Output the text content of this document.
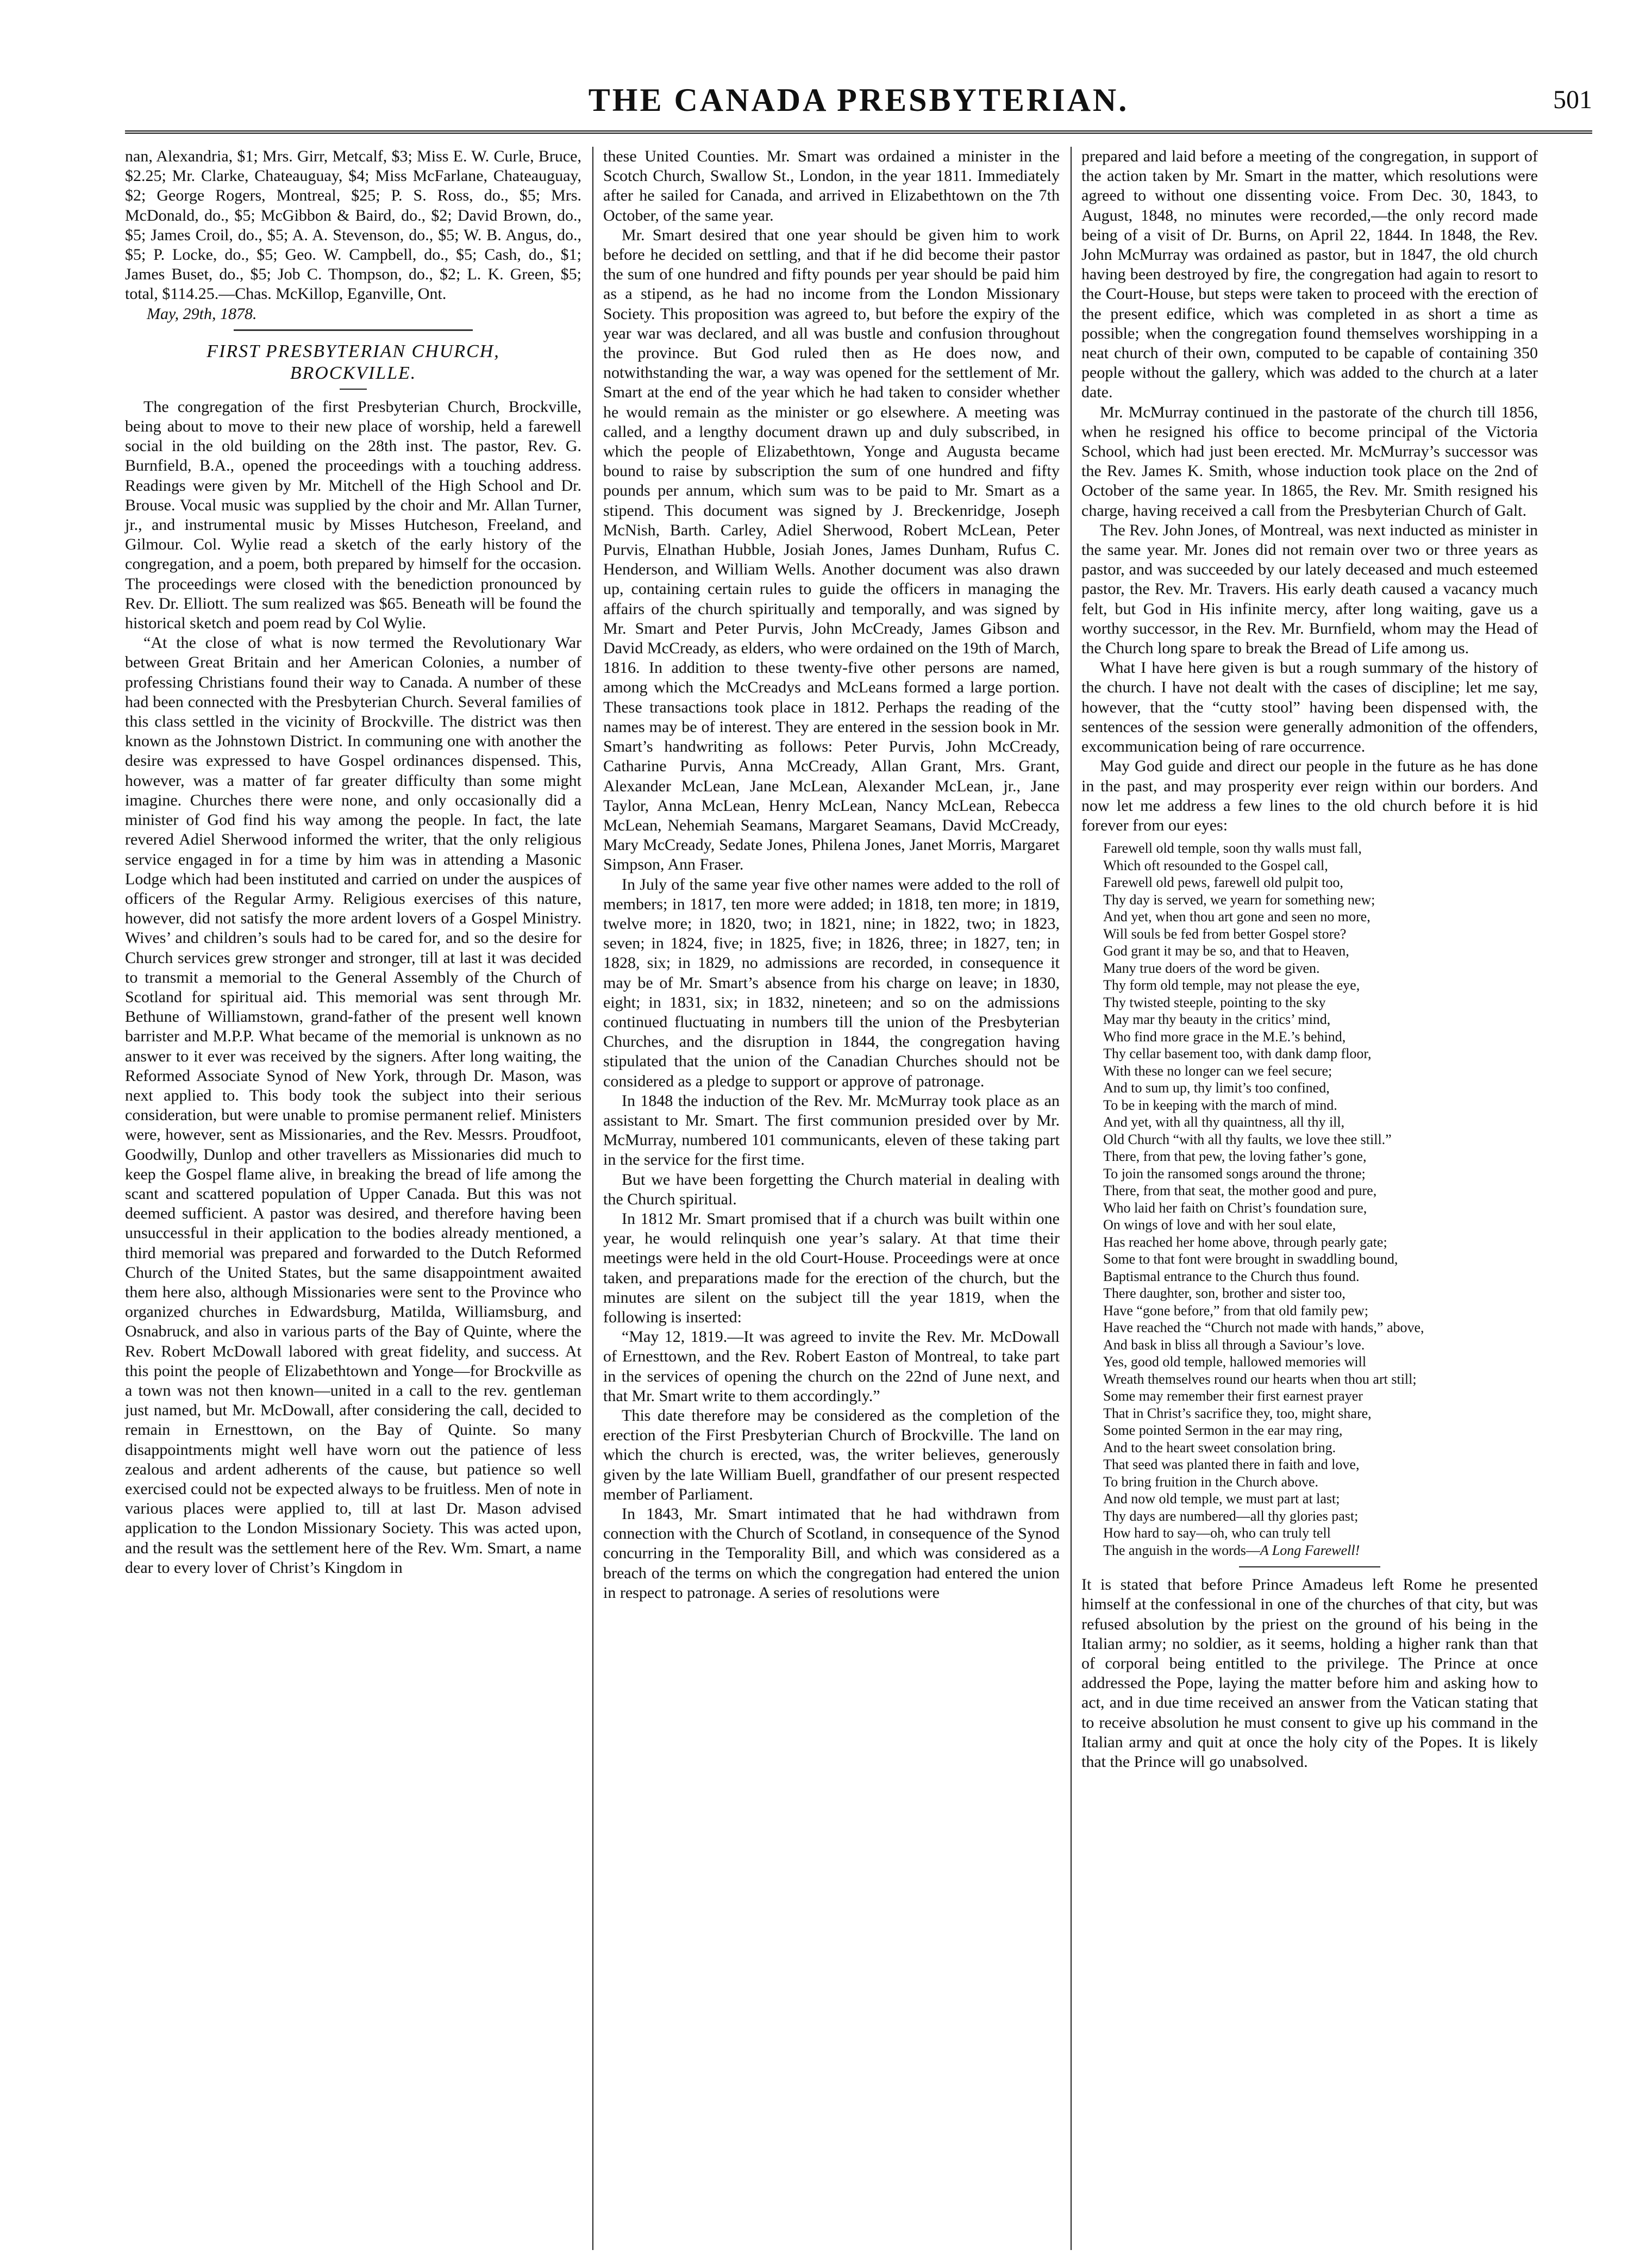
THE CANADA PRESBYTERIAN.	501

nan, Alexandria, $1; Mrs. Girr, Metcalf, $3; Miss E. W. Curle, Bruce, $2.25; Mr. Clarke, Chateauguay, $4; Miss McFarlane, Chateauguay, $2; George Rogers, Montreal, $25; P. S. Ross, do., $5; Mrs. McDonald, do., $5; McGibbon & Baird, do., $2; David Brown, do., $5; James Croil, do., $5; A. A. Stevenson, do., $5; W. B. Angus, do., $5; P. Locke, do., $5; Geo. W. Campbell, do., $5; Cash, do., $1; James Buset, do., $5; Job C. Thompson, do., $2; L. K. Green, $5; total, $114.25.—Chas. McKillop, Eganville, Ont.

May, 29th, 1878.
FIRST PRESBYTERIAN CHURCH,
BROCKVILLE.

The congregation of the first Presbyterian Church, Brockville, being about to move to their new place of worship, held a farewell social in the old building on the 28th inst. The pastor, Rev. G. Burnfield, B.A., opened the proceedings with a touching address. Readings were given by Mr. Mitchell of the High School and Dr. Brouse. Vocal music was supplied by the choir and Mr. Allan Turner, jr., and instrumental music by Misses Hutcheson, Freeland, and Gilmour. Col. Wylie read a sketch of the early history of the congregation, and a poem, both prepared by himself for the occasion. The proceedings were closed with the benediction pronounced by Rev. Dr. Elliott. The sum realized was $65. Beneath will be found the historical sketch and poem read by Col Wylie.

“At the close of what is now termed the Revolutionary War between Great Britain and her American Colonies, a number of professing Christians found their way to Canada. A number of these had been connected with the Presbyterian Church. Several families of this class settled in the vicinity of Brockville. The district was then known as the Johnstown District. In communing one with another the desire was expressed to have Gospel ordinances dispensed. This, however, was a matter of far greater difficulty than some might imagine. Churches there were none, and only occasionally did a minister of God find his way among the people. In fact, the late revered Adiel Sherwood informed the writer, that the only religious service engaged in for a time by him was in attending a Masonic Lodge which had been instituted and carried on under the auspices of officers of the Regular Army. Religious exercises of this nature, however, did not satisfy the more ardent lovers of a Gospel Ministry. Wives’ and children’s souls had to be cared for, and so the desire for Church services grew stronger and stronger, till at last it was decided to transmit a memorial to the General Assembly of the Church of Scotland for spiritual aid. This memorial was sent through Mr. Bethune of Williamstown, grand-father of the present well known barrister and M.P.P. What became of the memorial is unknown as no answer to it ever was received by the signers. After long waiting, the Reformed Associate Synod of New York, through Dr. Mason, was next applied to. This body took the subject into their serious consideration, but were unable to promise permanent relief. Ministers were, however, sent as Missionaries, and the Rev. Messrs. Proudfoot, Goodwilly, Dunlop and other travellers as Missionaries did much to keep the Gospel flame alive, in breaking the bread of life among the scant and scattered population of Upper Canada. But this was not deemed sufficient. A pastor was desired, and therefore having been unsuccessful in their application to the bodies already mentioned, a third memorial was prepared and forwarded to the Dutch Reformed Church of the United States, but the same disappointment awaited them here also, although Missionaries were sent to the Province who organized churches in Edwardsburg, Matilda, Williamsburg, and Osnabruck, and also in various parts of the Bay of Quinte, where the Rev. Robert McDowall labored with great fidelity, and success. At this point the people of Elizabethtown and Yonge—for Brockville as a town was not then known—united in a call to the rev. gentleman just named, but Mr. McDowall, after considering the call, decided to remain in Ernesttown, on the Bay of Quinte. So many disappointments might well have worn out the patience of less zealous and ardent adherents of the cause, but patience so well exercised could not be expected always to be fruitless. Men of note in various places were applied to, till at last Dr. Mason advised application to the London Missionary Society. This was acted upon, and the result was the settlement here of the Rev. Wm. Smart, a name dear to every lover of Christ’s Kingdom in

these United Counties. Mr. Smart was ordained a minister in the Scotch Church, Swallow St., London, in the year 1811. Immediately after he sailed for Canada, and arrived in Elizabethtown on the 7th October, of the same year.

Mr. Smart desired that one year should be given him to work before he decided on settling, and that if he did become their pastor the sum of one hundred and fifty pounds per year should be paid him as a stipend, as he had no income from the London Missionary Society. This proposition was agreed to, but before the expiry of the year war was declared, and all was bustle and confusion throughout the province. But God ruled then as He does now, and notwithstanding the war, a way was opened for the settlement of Mr. Smart at the end of the year which he had taken to consider whether he would remain as the minister or go elsewhere. A meeting was called, and a lengthy document drawn up and duly subscribed, in which the people of Elizabethtown, Yonge and Augusta became bound to raise by subscription the sum of one hundred and fifty pounds per annum, which sum was to be paid to Mr. Smart as a stipend. This document was signed by J. Breckenridge, Joseph McNish, Barth. Carley, Adiel Sherwood, Robert McLean, Peter Purvis, Elnathan Hubble, Josiah Jones, James Dunham, Rufus C. Henderson, and William Wells. Another document was also drawn up, containing certain rules to guide the officers in managing the affairs of the church spiritually and temporally, and was signed by Mr. Smart and Peter Purvis, John McCready, James Gibson and David McCready, as elders, who were ordained on the 19th of March, 1816. In addition to these twenty-five other persons are named, among which the McCreadys and McLeans formed a large portion. These transactions took place in 1812. Perhaps the reading of the names may be of interest. They are entered in the session book in Mr. Smart’s handwriting as follows: Peter Purvis, John McCready, Catharine Purvis, Anna McCready, Allan Grant, Mrs. Grant, Alexander McLean, Jane McLean, Alexander McLean, jr., Jane Taylor, Anna McLean, Henry McLean, Nancy McLean, Rebecca McLean, Nehemiah Seamans, Margaret Seamans, David McCready, Mary McCready, Sedate Jones, Philena Jones, Janet Morris, Margaret Simpson, Ann Fraser.

In July of the same year five other names were added to the roll of members; in 1817, ten more were added; in 1818, ten more; in 1819, twelve more; in 1820, two; in 1821, nine; in 1822, two; in 1823, seven; in 1824, five; in 1825, five; in 1826, three; in 1827, ten; in 1828, six; in 1829, no admissions are recorded, in consequence it may be of Mr. Smart’s absence from his charge on leave; in 1830, eight; in 1831, six; in 1832, nineteen; and so on the admissions continued fluctuating in numbers till the union of the Presbyterian Churches, and the disruption in 1844, the congregation having stipulated that the union of the Canadian Churches should not be considered as a pledge to support or approve of patronage.

In 1848 the induction of the Rev. Mr. McMurray took place as an assistant to Mr. Smart. The first communion presided over by Mr. McMurray, numbered 101 communicants, eleven of these taking part in the service for the first time.

But we have been forgetting the Church material in dealing with the Church spiritual.

In 1812 Mr. Smart promised that if a church was built within one year, he would relinquish one year’s salary. At that time their meetings were held in the old Court-House. Proceedings were at once taken, and preparations made for the erection of the church, but the minutes are silent on the subject till the year 1819, when the following is inserted:

“May 12, 1819.—It was agreed to invite the Rev. Mr. McDowall of Ernesttown, and the Rev. Robert Easton of Montreal, to take part in the services of opening the church on the 22nd of June next, and that Mr. Smart write to them accordingly.”

This date therefore may be considered as the completion of the erection of the First Presbyterian Church of Brockville. The land on which the church is erected, was, the writer believes, generously given by the late William Buell, grandfather of our present respected member of Parliament.

In 1843, Mr. Smart intimated that he had withdrawn from connection with the Church of Scotland, in consequence of the Synod concurring in the Temporality Bill, and which was considered as a breach of the terms on which the congregation had entered the union in respect to patronage. A series of resolutions were

prepared and laid before a meeting of the congregation, in support of the action taken by Mr. Smart in the matter, which resolutions were agreed to without one dissenting voice. From Dec. 30, 1843, to August, 1848, no minutes were recorded,—the only record made being of a visit of Dr. Burns, on April 22, 1844. In 1848, the Rev. John McMurray was ordained as pastor, but in 1847, the old church having been destroyed by fire, the congregation had again to resort to the Court-House, but steps were taken to proceed with the erection of the present edifice, which was completed in as short a time as possible; when the congregation found themselves worshipping in a neat church of their own, computed to be capable of containing 350 people without the gallery, which was added to the church at a later date.

Mr. McMurray continued in the pastorate of the church till 1856, when he resigned his office to become principal of the Victoria School, which had just been erected. Mr. McMurray’s successor was the Rev. James K. Smith, whose induction took place on the 2nd of October of the same year. In 1865, the Rev. Mr. Smith resigned his charge, having received a call from the Presbyterian Church of Galt.

The Rev. John Jones, of Montreal, was next inducted as minister in the same year. Mr. Jones did not remain over two or three years as pastor, and was succeeded by our lately deceased and much esteemed pastor, the Rev. Mr. Travers. His early death caused a vacancy much felt, but God in His infinite mercy, after long waiting, gave us a worthy successor, in the Rev. Mr. Burnfield, whom may the Head of the Church long spare to break the Bread of Life among us.

What I have here given is but a rough summary of the history of the church. I have not dealt with the cases of discipline; let me say, however, that the “cutty stool” having been dispensed with, the sentences of the session were generally admonition of the offenders, excommunication being of rare occurrence.

May God guide and direct our people in the future as he has done in the past, and may prosperity ever reign within our borders. And now let me address a few lines to the old church before it is hid forever from our eyes:

Farewell old temple, soon thy walls must fall,
Which oft resounded to the Gospel call,
Farewell old pews, farewell old pulpit too,
Thy day is served, we yearn for something new;
And yet, when thou art gone and seen no more,
Will souls be fed from better Gospel store?
God grant it may be so, and that to Heaven,
Many true doers of the word be given.
Thy form old temple, may not please the eye,
Thy twisted steeple, pointing to the sky
May mar thy beauty in the critics’ mind,
Who find more grace in the M.E.’s behind,
Thy cellar basement too, with dank damp floor,
With these no longer can we feel secure;
And to sum up, thy limit’s too confined,
To be in keeping with the march of mind.
And yet, with all thy quaintness, all thy ill,
Old Church “with all thy faults, we love thee still.”
There, from that pew, the loving father’s gone,
To join the ransomed songs around the throne;
There, from that seat, the mother good and pure,
Who laid her faith on Christ’s foundation sure,
On wings of love and with her soul elate,
Has reached her home above, through pearly gate;
Some to that font were brought in swaddling bound,
Baptismal entrance to the Church thus found.
There daughter, son, brother and sister too,
Have “gone before,” from that old family pew;
Have reached the “Church not made with hands,” above,
And bask in bliss all through a Saviour’s love.
Yes, good old temple, hallowed memories will
Wreath themselves round our hearts when thou art still;
Some may remember their first earnest prayer
That in Christ’s sacrifice they, too, might share,
Some pointed Sermon in the ear may ring,
And to the heart sweet consolation bring.
That seed was planted there in faith and love,
To bring fruition in the Church above.
And now old temple, we must part at last;
Thy days are numbered—all thy glories past;
How hard to say—oh, who can truly tell
The anguish in the words—A Long Farewell!

It is stated that before Prince Amadeus left Rome he presented himself at the confessional in one of the churches of that city, but was refused absolution by the priest on the ground of his being in the Italian army; no soldier, as it seems, holding a higher rank than that of corporal being entitled to the privilege. The Prince at once addressed the Pope, laying the matter before him and asking how to act, and in due time received an answer from the Vatican stating that to receive absolution he must consent to give up his command in the Italian army and quit at once the holy city of the Popes. It is likely that the Prince will go unabsolved.
